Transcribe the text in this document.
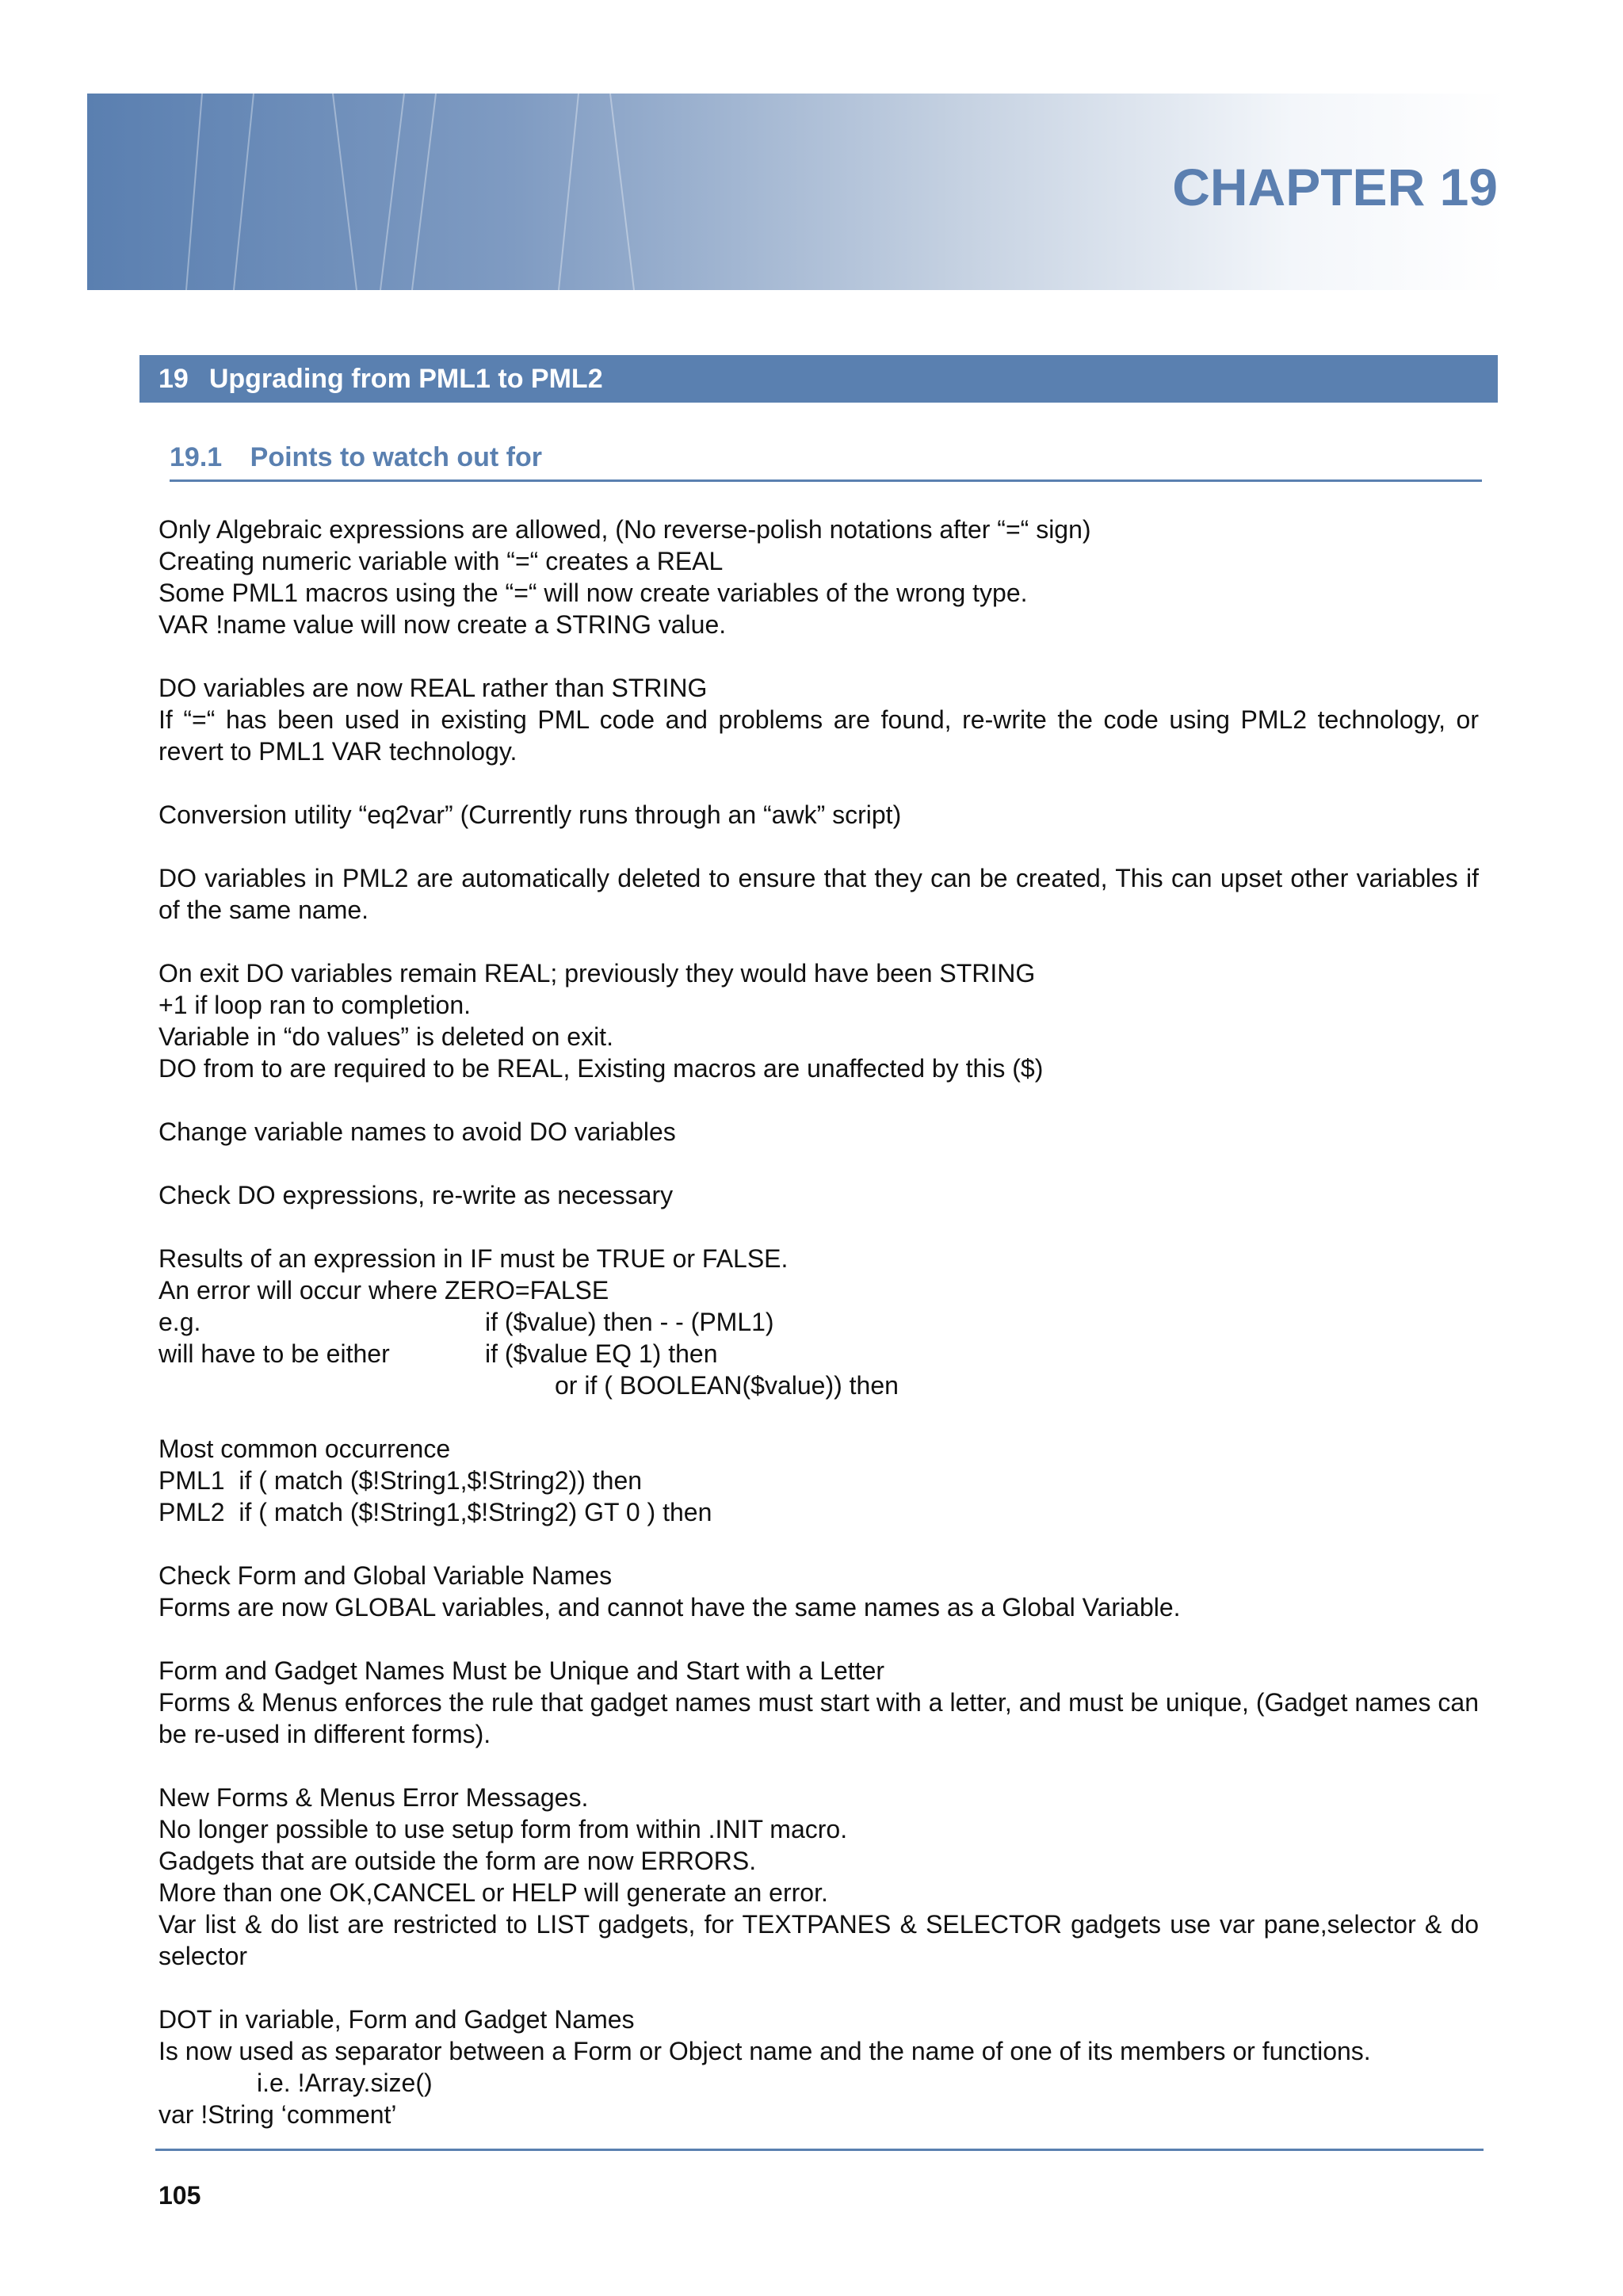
CHAPTER 19
19 Upgrading from PML1 to PML2
19.1 Points to watch out for

Only Algebraic expressions are allowed, (No reverse-polish notations after “=“ sign)
Creating numeric variable with “=“ creates a REAL
Some PML1 macros using the “=“ will now create variables of the wrong type.
VAR !name value will now create a STRING value.

DO variables are now REAL rather than STRING
If “=“ has been used in existing PML code and problems are found, re-write the code using PML2 technology, or revert to PML1 VAR technology.

Conversion utility “eq2var” (Currently runs through an “awk” script)

DO variables in PML2 are automatically deleted to ensure that they can be created, This can upset other variables if of the same name.

On exit DO variables remain REAL; previously they would have been STRING
+1 if loop ran to completion.
Variable in “do values” is deleted on exit.
DO from to are required to be REAL, Existing macros are unaffected by this ($)

Change variable names to avoid DO variables

Check DO expressions, re-write as necessary

Results of an expression in IF must be TRUE or FALSE.
An error will occur where ZERO=FALSE
e.g.	if ($value) then - - (PML1)
will have to be either	if ($value EQ 1) then
or if ( BOOLEAN($value)) then

Most common occurrence
PML1  if ( match ($!String1,$!String2)) then
PML2  if ( match ($!String1,$!String2) GT 0 ) then

Check Form and Global Variable Names
Forms are now GLOBAL variables, and cannot have the same names as a Global Variable.

Form and Gadget Names Must be Unique and Start with a Letter
Forms & Menus enforces the rule that gadget names must start with a letter, and must be unique, (Gadget names can be re-used in different forms).

New Forms & Menus Error Messages.
No longer possible to use setup form from within .INIT macro.
Gadgets that are outside the form are now ERRORS.
More than one OK,CANCEL or HELP will generate an error.
Var list & do list are restricted to LIST gadgets, for TEXTPANES & SELECTOR gadgets use var pane,selector & do selector

DOT in variable, Form and Gadget Names
Is now used as separator between a Form or Object name and the name of one of its members or functions.
i.e. !Array.size()
var !String ‘comment’

105
